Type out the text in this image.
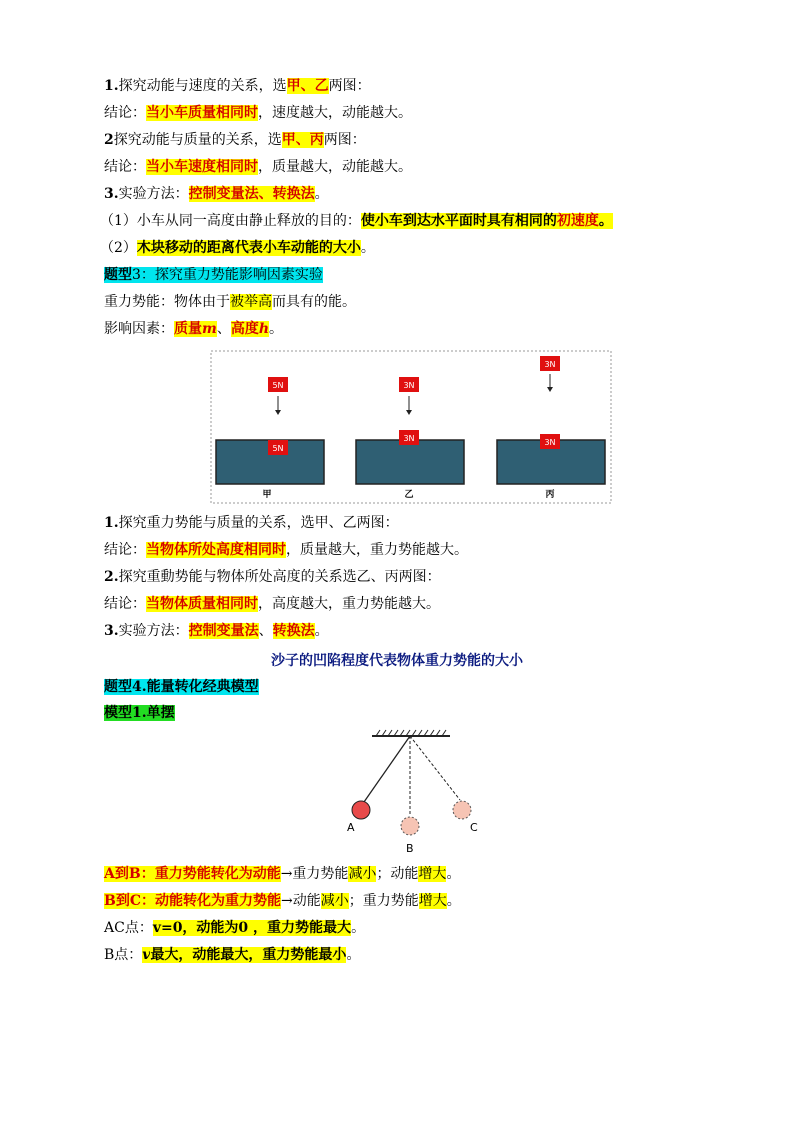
1.探究动能与速度的关系，选甲、乙两图：
结论：当小车质量相同时，速度越大，动能越大。
2探究动能与质量的关系，选甲、丙两图：
结论：当小车速度相同时，质量越大，动能越大。
3.实验方法：控制变量法、转换法。
（1）小车从同一高度由静止释放的目的：使小车到达水平面时具有相同的初速度。
（2）木块移动的距离代表小车动能的大小。
题型3：探究重力势能影响因素实验
重力势能：物体由于被举高而具有的能。
影响因素：质量m、高度h。
5N
5N
甲
3N
3N
乙
3N
3N
丙
1.探究重力势能与质量的关系，选甲、乙两图：
结论：当物体所处高度相同时，质量越大，重力势能越大。
2.探究重動势能与物体所处高度的关系选乙、丙两图：
结论：当物体质量相同时，高度越大，重力势能越大。
3.实验方法：控制变量法、转换法。
沙子的凹陷程度代表物体重力势能的大小
题型4.能量转化经典模型
模型1.单摆
A
B
C
A到B：重力势能转化为动能→重力势能减小；动能增大。
B到C：动能转化为重力势能→动能减小；重力势能增大。
AC点：v=0，动能为0 ，重力势能最大。
B点：v最大，动能最大，重力势能最小。
